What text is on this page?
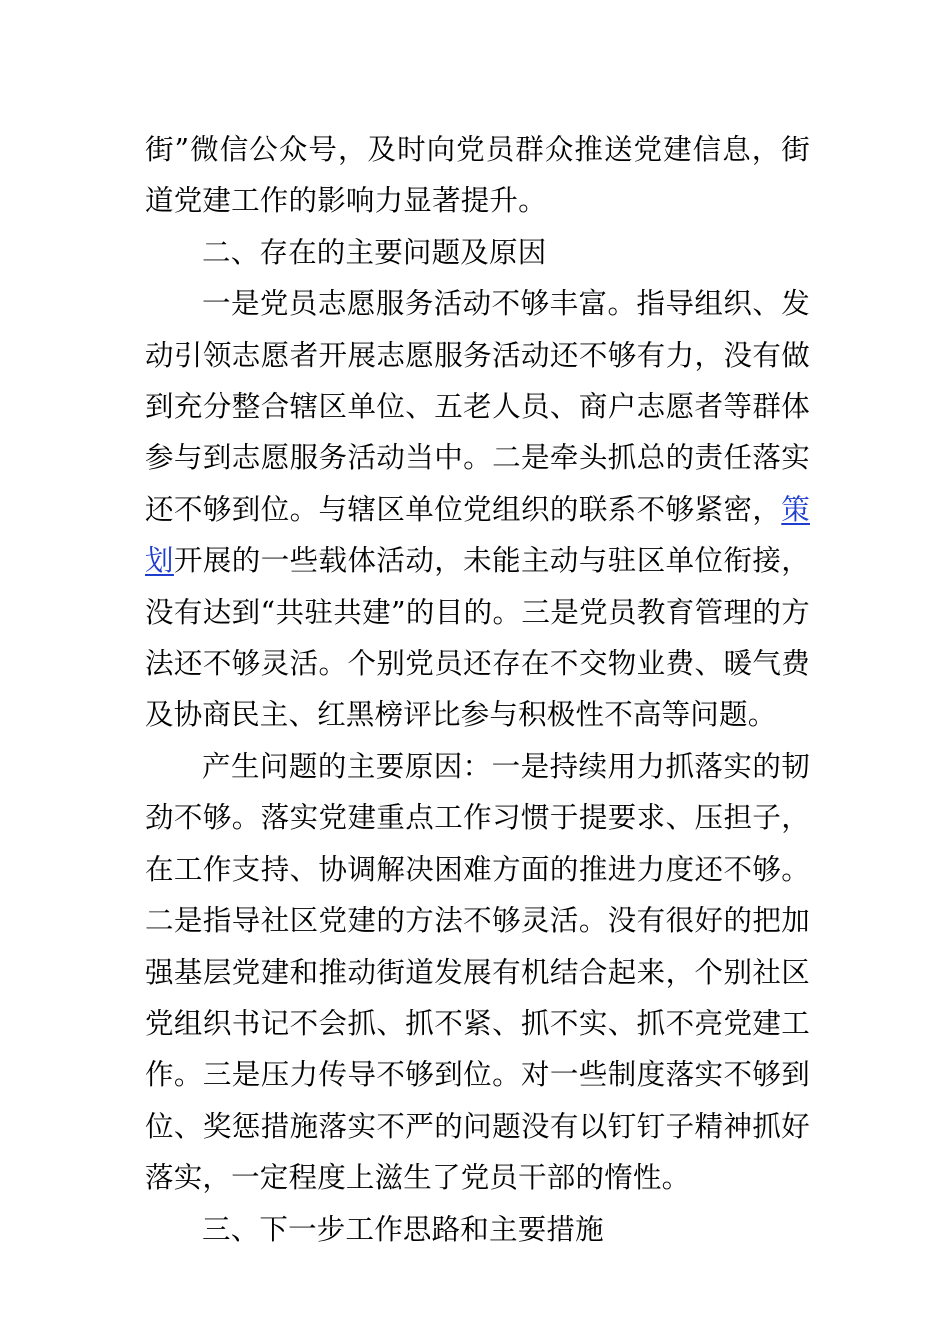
街”微信公众号，及时向党员群众推送党建信息，街道党建工作的影响力显著提升。

二、存在的主要问题及原因

一是党员志愿服务活动不够丰富。指导组织、发动引领志愿者开展志愿服务活动还不够有力，没有做到充分整合辖区单位、五老人员、商户志愿者等群体参与到志愿服务活动当中。二是牵头抓总的责任落实还不够到位。与辖区单位党组织的联系不够紧密，策划开展的一些载体活动，未能主动与驻区单位衔接，没有达到“共驻共建”的目的。三是党员教育管理的方法还不够灵活。个别党员还存在不交物业费、暖气费及协商民主、红黑榜评比参与积极性不高等问题。

产生问题的主要原因：一是持续用力抓落实的韧劲不够。落实党建重点工作习惯于提要求、压担子，在工作支持、协调解决困难方面的推进力度还不够。二是指导社区党建的方法不够灵活。没有很好的把加强基层党建和推动街道发展有机结合起来，个别社区党组织书记不会抓、抓不紧、抓不实、抓不亮党建工作。三是压力传导不够到位。对一些制度落实不够到位、奖惩措施落实不严的问题没有以钉钉子精神抓好落实，一定程度上滋生了党员干部的惰性。

三、下一步工作思路和主要措施
